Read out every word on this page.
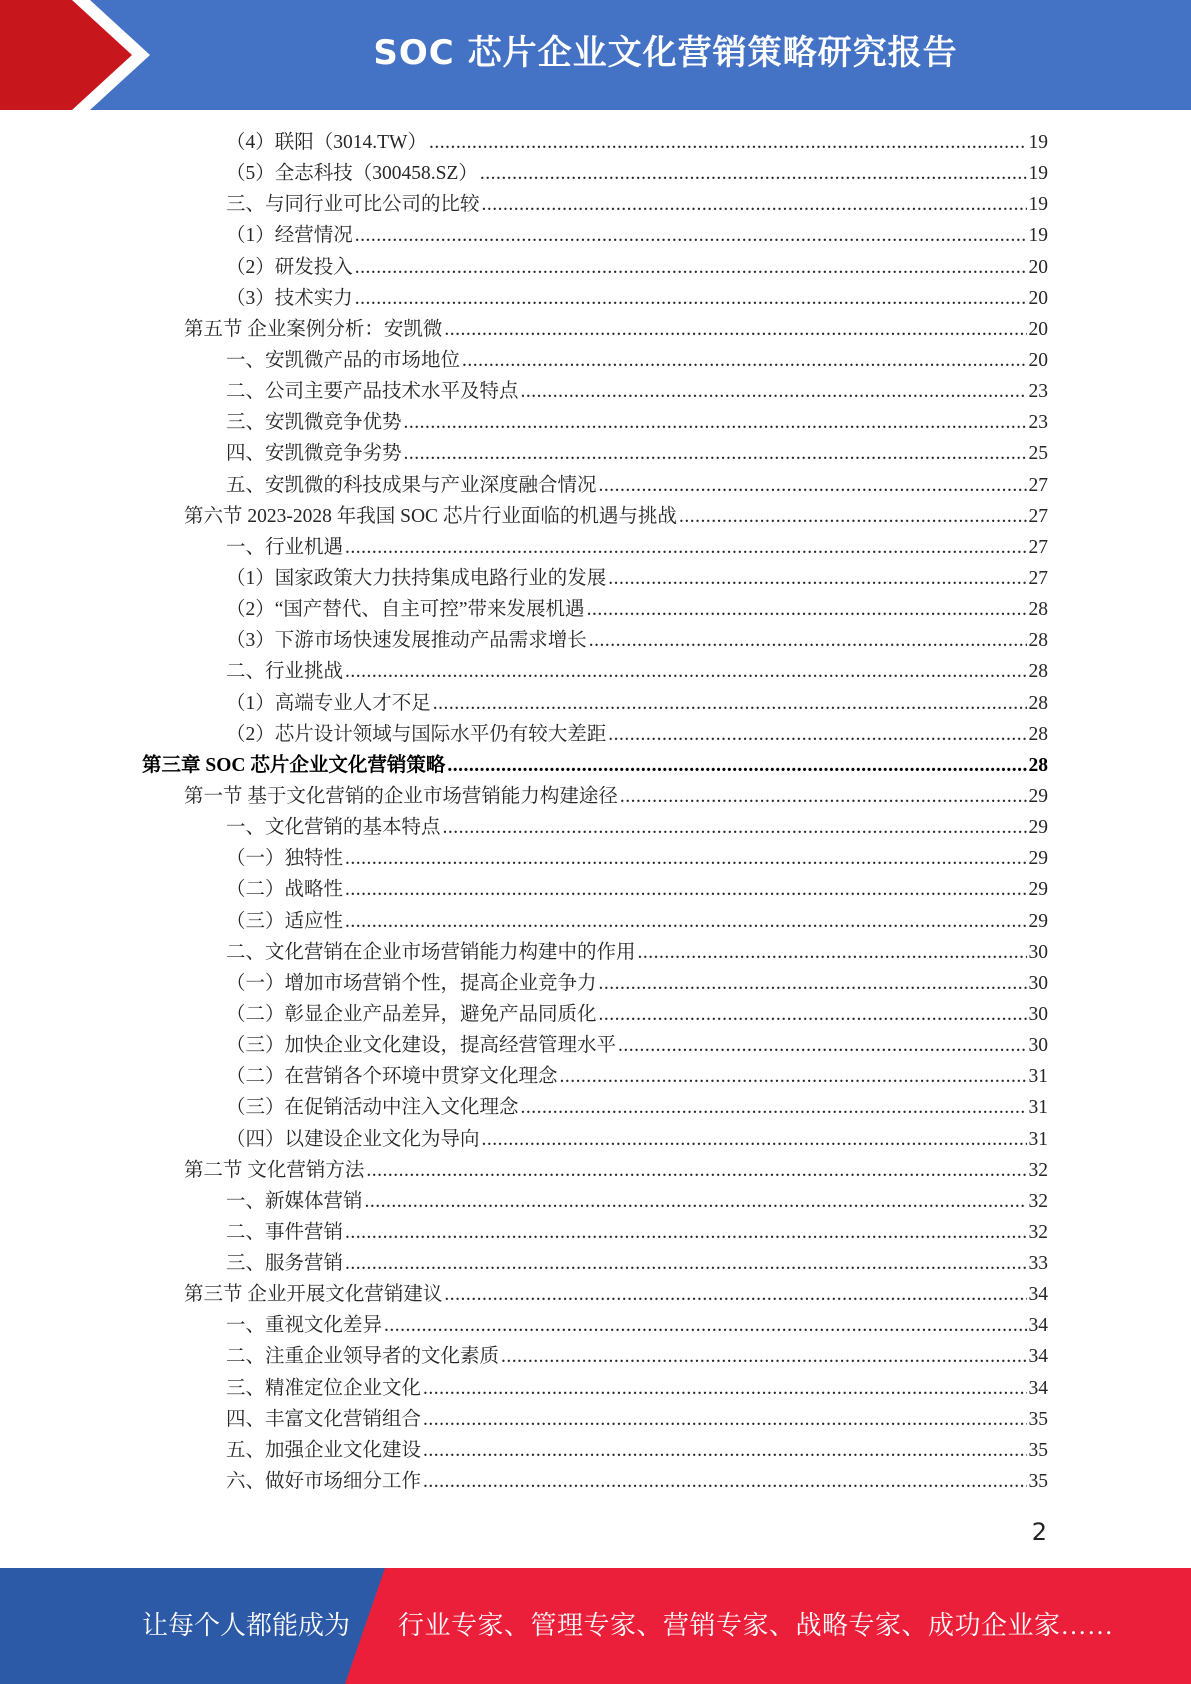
SOC 芯片企业文化营销策略研究报告
（4）联阳（3014.TW） .....	19
（5）全志科技（300458.SZ） .....	19
三、与同行业可比公司的比较 .....	19
（1）经营情况 .....	19
（2）研发投入 .....	20
（3）技术实力 .....	20
第五节 企业案例分析：安凯微 .....	20
一、安凯微产品的市场地位 .....	20
二、公司主要产品技术水平及特点 .....	23
三、安凯微竞争优势 .....	23
四、安凯微竞争劣势 .....	25
五、安凯微的科技成果与产业深度融合情况 .....	27
第六节 2023-2028 年我国 SOC 芯片行业面临的机遇与挑战 .....	27
一、行业机遇 .....	27
（1）国家政策大力扶持集成电路行业的发展 .....	27
（2）“国产替代、自主可控”带来发展机遇 .....	28
（3）下游市场快速发展推动产品需求增长 .....	28
二、行业挑战 .....	28
（1）高端专业人才不足 .....	28
（2）芯片设计领域与国际水平仍有较大差距 .....	28
第三章 SOC 芯片企业文化营销策略 .....	28
第一节 基于文化营销的企业市场营销能力构建途径 .....	29
一、文化营销的基本特点 .....	29
（一）独特性 .....	29
（二）战略性 .....	29
（三）适应性 .....	29
二、文化营销在企业市场营销能力构建中的作用 .....	30
（一）增加市场营销个性，提高企业竞争力 .....	30
（二）彰显企业产品差异，避免产品同质化 .....	30
（三）加快企业文化建设，提高经营管理水平 .....	30
（二）在营销各个环境中贯穿文化理念 .....	31
（三）在促销活动中注入文化理念 .....	31
（四）以建设企业文化为导向 .....	31
第二节 文化营销方法 .....	32
一、新媒体营销 .....	32
二、事件营销 .....	32
三、服务营销 .....	33
第三节 企业开展文化营销建议 .....	34
一、重视文化差异 .....	34
二、注重企业领导者的文化素质 .....	34
三、精准定位企业文化 .....	34
四、丰富文化营销组合 .....	35
五、加强企业文化建设 .....	35
六、做好市场细分工作 .....	35
2
让每个人都能成为 行业专家、管理专家、营销专家、战略专家、成功企业家……
